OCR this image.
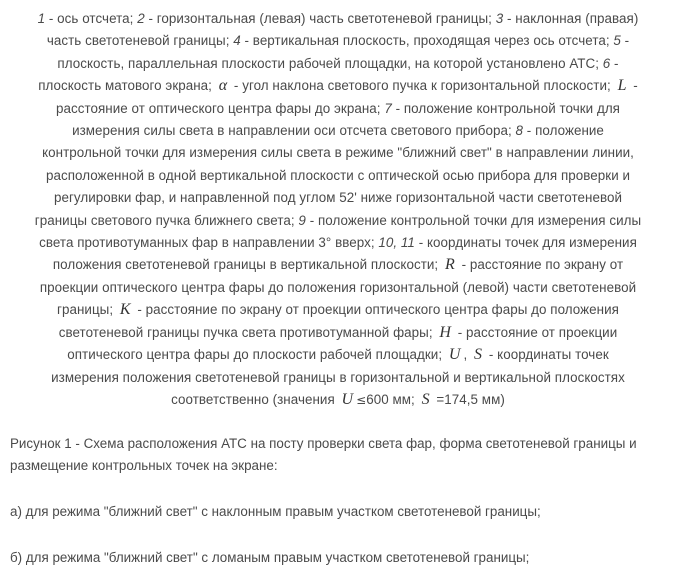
1 - ось отсчета; 2 - горизонтальная (левая) часть светотеневой границы; 3 - наклонная (правая)
часть светотеневой границы; 4 - вертикальная плоскость, проходящая через ось отсчета; 5 -
плоскость, параллельная плоскости рабочей площадки, на которой установлено АТС; 6 -
плоскость матового экрана; α - угол наклона светового пучка к горизонтальной плоскости; L -
расстояние от оптического центра фары до экрана; 7 - положение контрольной точки для
измерения силы света в направлении оси отсчета светового прибора; 8 - положение
контрольной точки для измерения силы света в режиме "ближний свет" в направлении линии,
расположенной в одной вертикальной плоскости с оптической осью прибора для проверки и
регулировки фар, и направленной под углом 52' ниже горизонтальной части светотеневой
границы светового пучка ближнего света; 9 - положение контрольной точки для измерения силы
света противотуманных фар в направлении 3° вверх; 10, 11 - координаты точек для измерения
положения светотеневой границы в вертикальной плоскости; R - расстояние по экрану от
проекции оптического центра фары до положения горизонтальной (левой) части светотеневой
границы; K - расстояние по экрану от проекции оптического центра фары до положения
светотеневой границы пучка света противотуманной фары; H - расстояние от проекции
оптического центра фары до плоскости рабочей площадки; U , S - координаты точек
измерения положения светотеневой границы в горизонтальной и вертикальной плоскостях
соответственно (значения U ≤600 мм; S =174,5 мм)

Рисунок 1 - Схема расположения АТС на посту проверки света фар, форма светотеневой границы и размещение контрольных точек на экране:

а) для режима "ближний свет" с наклонным правым участком светотеневой границы;

б) для режима "ближний свет" с ломаным правым участком светотеневой границы;
